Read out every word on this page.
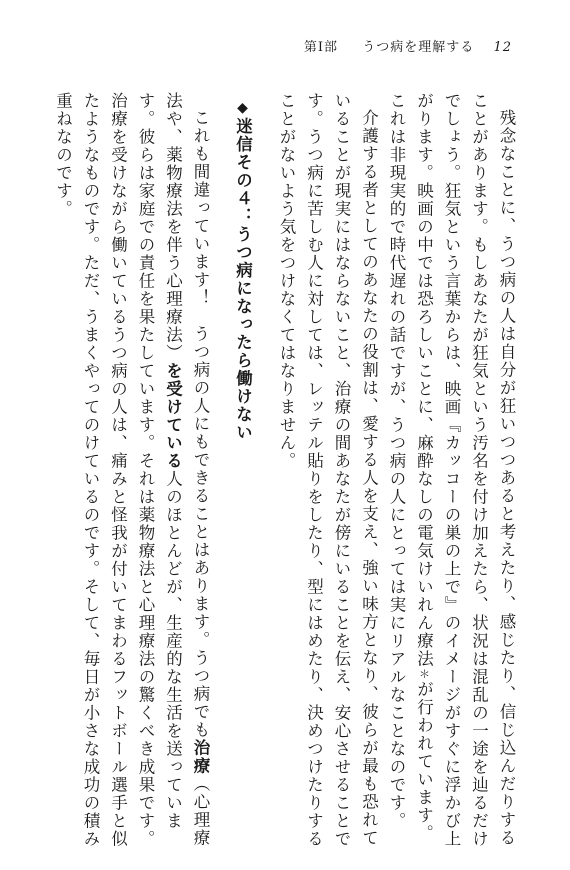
第Ⅰ部 　 うつ病を理解する 12

残念なことに、うつ病の人は自分が狂いつつあると考えたり、感じたり、信じ込んだりすることがあります。もしあなたが狂気という汚名を付け加えたら、状況は混乱の一途を辿るだけでしょう。狂気という言葉からは、映画『カッコーの巣の上で』のイメージがすぐに浮かび上がります。映画の中では恐ろしいことに、麻酔なしの電気けいれん療法＊が行われています。これは非現実的で時代遅れの話ですが、うつ病の人にとっては実にリアルなことなのです。

介護する者としてのあなたの役割は、愛する人を支え、強い味方となり、彼らが最も恐れていることが現実にはならないこと、治療の間あなたが傍にいることを伝え、安心させることです。うつ病に苦しむ人に対しては、レッテル貼りをしたり、型にはめたり、決めつけたりすることがないよう気をつけなくてはなりません。

◆迷信その４：うつ病になったら働けない

これも間違っています！　うつ病の人にもできることはあります。うつ病でも治療（心理療法や、薬物療法を伴う心理療法）を受けている人のほとんどが、生産的な生活を送っています。彼らは家庭での責任を果たしています。それは薬物療法と心理療法の驚くべき成果です。治療を受けながら働いているうつ病の人は、痛みと怪我が付いてまわるフットボール選手と似たようなものです。ただ、うまくやってのけているのです。そして、毎日が小さな成功の積み重ねなのです。
